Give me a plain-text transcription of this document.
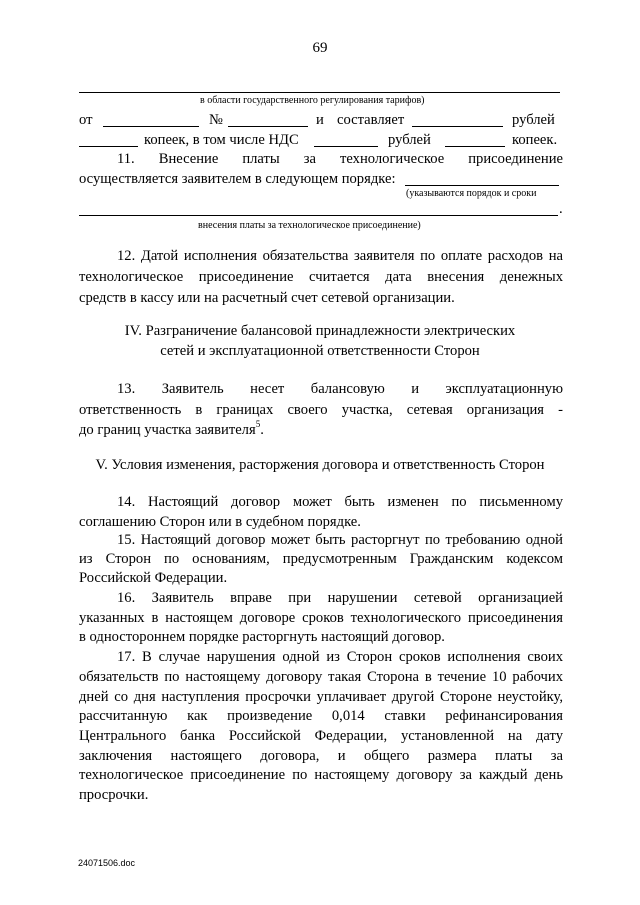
69
в области государственного регулирования тарифов)
от	№	и составляет	рублей
копеек, в том числе НДС	рублей	копеек.
11. Внесение платы за технологическое присоединение
осуществляется заявителем в следующем порядке:
(указываются порядок и сроки
.
внесения платы за технологическое присоединение)
12. Датой исполнения обязательства заявителя по оплате расходов на
технологическое присоединение считается дата внесения денежных
средств в кассу или на расчетный счет сетевой организации.
IV. Разграничение балансовой принадлежности электрических
сетей и эксплуатационной ответственности Сторон
13. Заявитель несет балансовую и эксплуатационную
ответственность в границах своего участка, сетевая организация -
до границ участка заявителя$^5$.
V. Условия изменения, расторжения договора и ответственность Сторон
14. Настоящий договор может быть изменен по письменному
соглашению Сторон или в судебном порядке.
15. Настоящий договор может быть расторгнут по требованию одной
из Сторон по основаниям, предусмотренным Гражданским кодексом
Российской Федерации.
16. Заявитель вправе при нарушении сетевой организацией
указанных в настоящем договоре сроков технологического присоединения
в одностороннем порядке расторгнуть настоящий договор.
17. В случае нарушения одной из Сторон сроков исполнения своих
обязательств по настоящему договору такая Сторона в течение 10 рабочих
дней со дня наступления просрочки уплачивает другой Стороне неустойку,
рассчитанную как произведение 0,014 ставки рефинансирования
Центрального банка Российской Федерации, установленной на дату
заключения настоящего договора, и общего размера платы за
технологическое присоединение по настоящему договору за каждый день
просрочки.
24071506.doc
